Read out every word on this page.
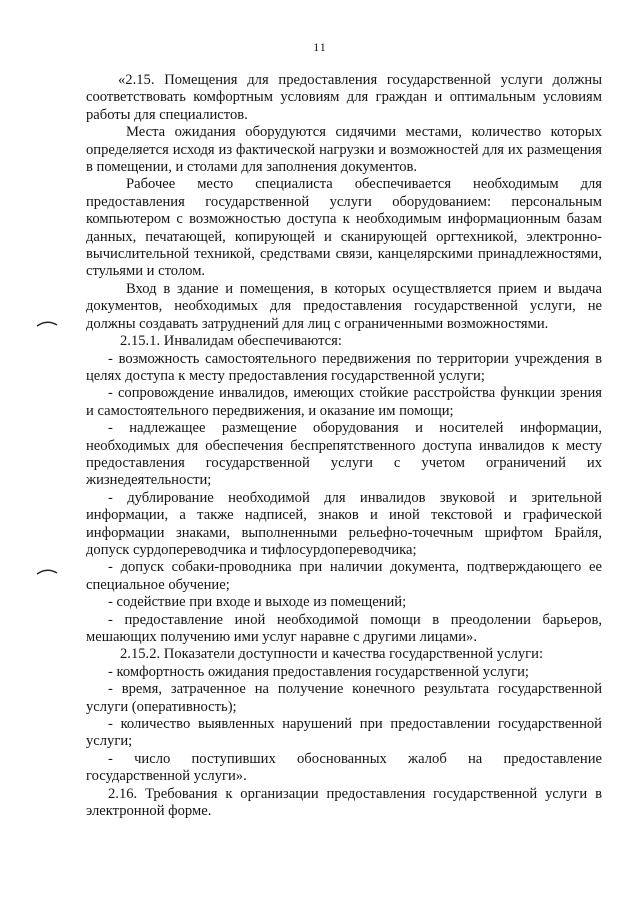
11

«2.15. Помещения для предоставления государственной услуги должны соответствовать комфортным условиям для граждан и оптимальным условиям работы для специалистов.

Места ожидания оборудуются сидячими местами, количество которых определяется исходя из фактической нагрузки и возможностей для их размещения в помещении, и столами для заполнения документов.

Рабочее место специалиста обеспечивается необходимым для предоставления государственной услуги оборудованием: персональным компьютером с возможностью доступа к необходимым информационным базам данных, печатающей, копирующей и сканирующей оргтехникой, электронно-вычислительной техникой, средствами связи, канцелярскими принадлежностями, стульями и столом.

Вход в здание и помещения, в которых осуществляется прием и выдача документов, необходимых для предоставления государственной услуги, не должны создавать затруднений для лиц с ограниченными возможностями.

2.15.1. Инвалидам обеспечиваются:

- возможность самостоятельного передвижения по территории учреждения в целях доступа к месту предоставления государственной услуги;

- сопровождение инвалидов, имеющих стойкие расстройства функции зрения и самостоятельного передвижения, и оказание им помощи;

- надлежащее размещение оборудования и носителей информации, необходимых для обеспечения беспрепятственного доступа инвалидов к месту предоставления государственной услуги с учетом ограничений их жизнедеятельности;

- дублирование необходимой для инвалидов звуковой и зрительной информации, а также надписей, знаков и иной текстовой и графической информации знаками, выполненными рельефно-точечным шрифтом Брайля, допуск сурдопереводчика и тифлосурдопереводчика;

- допуск собаки-проводника при наличии документа, подтверждающего ее специальное обучение;

- содействие при входе и выходе из помещений;

- предоставление иной необходимой помощи в преодолении барьеров, мешающих получению ими услуг наравне с другими лицами».

2.15.2. Показатели доступности и качества государственной услуги:

- комфортность ожидания предоставления государственной услуги;

- время, затраченное на получение конечного результата государственной услуги (оперативность);

- количество выявленных нарушений при предоставлении государственной услуги;

- число поступивших обоснованных жалоб на предоставление государственной услуги».

2.16. Требования к организации предоставления государственной услуги в электронной форме.
